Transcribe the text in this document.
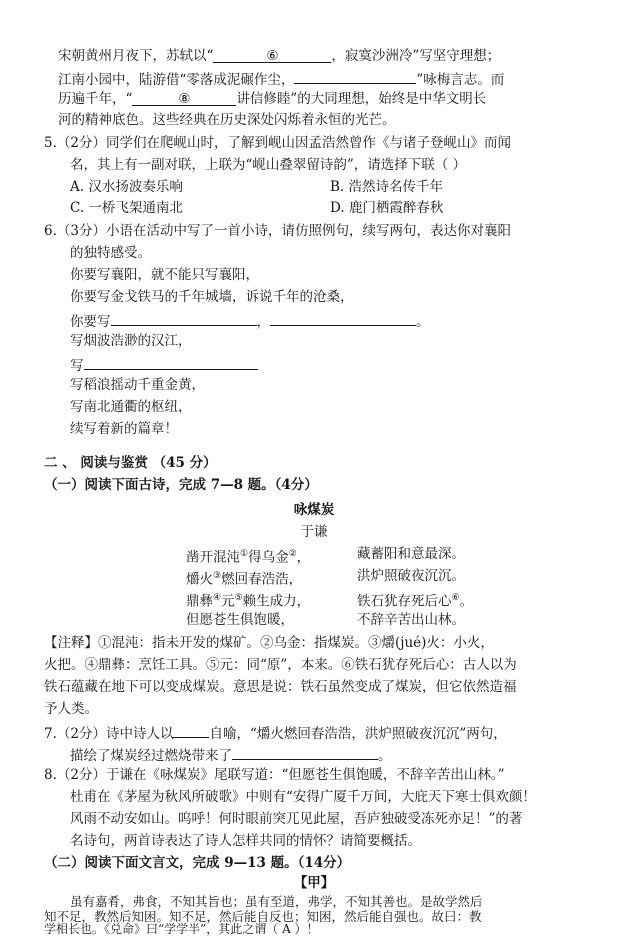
宋朝黄州月夜下，苏轼以“	⑥	，寂寞沙洲冷”写坚守理想；
江南小园中，陆游借“零落成泥碾作尘，	”咏梅言志。而
历遍千年，“	⑧	讲信修睦”的大同理想，始终是中华文明长
河的精神底色。这些经典在历史深处闪烁着永恒的光芒。
5.（2分）同学们在爬岘山时，了解到岘山因孟浩然曾作《与诸子登岘山》而闻
名，其上有一副对联，上联为“岘山叠翠留诗韵”，请选择下联（ ）
A. 汉水扬波奏乐响	B. 浩然诗名传千年
C. 一桥飞架通南北	D. 鹿门栖霞醉春秋
6.（3分）小语在活动中写了一首小诗，请仿照例句，续写两句，表达你对襄阳
的独特感受。
你要写襄阳，就不能只写襄阳，
你要写金戈铁马的千年城墙，诉说千年的沧桑，
你要写	，	。
写烟波浩渺的汉江，
写
写稻浪摇动千重金黄，
写南北通衢的枢纽，
续写着新的篇章！
二 、 阅读与鉴赏 （45 分）
（一）阅读下面古诗，完成 7—8 题。（4分）
咏煤炭
于谦
凿开混沌①得乌金②，	藏蓄阳和意最深。
爝火③燃回春浩浩，	洪炉照破夜沉沉。
鼎彝④元⑤赖生成力，	铁石犹存死后心⑥。
但愿苍生俱饱暖，	不辞辛苦出山林。
【注释】①混沌：指未开发的煤矿。②乌金：指煤炭。③爝(jué)火：小火，
火把。④鼎彝：烹饪工具。⑤元：同“原”，本来。⑥铁石犹存死后心：古人以为
铁石蕴藏在地下可以变成煤炭。意思是说：铁石虽然变成了煤炭，但它依然造福
予人类。
7.（2分）诗中诗人以	自喻，“爝火燃回春浩浩，洪炉照破夜沉沉”两句，
描绘了煤炭经过燃烧带来了	。
8.（2分）于谦在《咏煤炭》尾联写道：“但愿苍生俱饱暖，不辞辛苦出山林。”
杜甫在《茅屋为秋风所破歌》中则有“安得广厦千万间，大庇天下寒士俱欢颜！
风雨不动安如山。呜呼！何时眼前突兀见此屋，吾庐独破受冻死亦足！”的著
名诗句，两首诗表达了诗人怎样共同的情怀？请简要概括。
（二）阅读下面文言文，完成 9—13 题。（14分）
【甲】
虽有嘉肴，弗食，不知其旨也；虽有至道，弗学，不知其善也。是故学然后
知不足，教然后知困。知不足，然后能自反也；知困，然后能自强也。故曰：教
学相长也。《兑命》曰“学学半”，其此之谓（ A ）！
